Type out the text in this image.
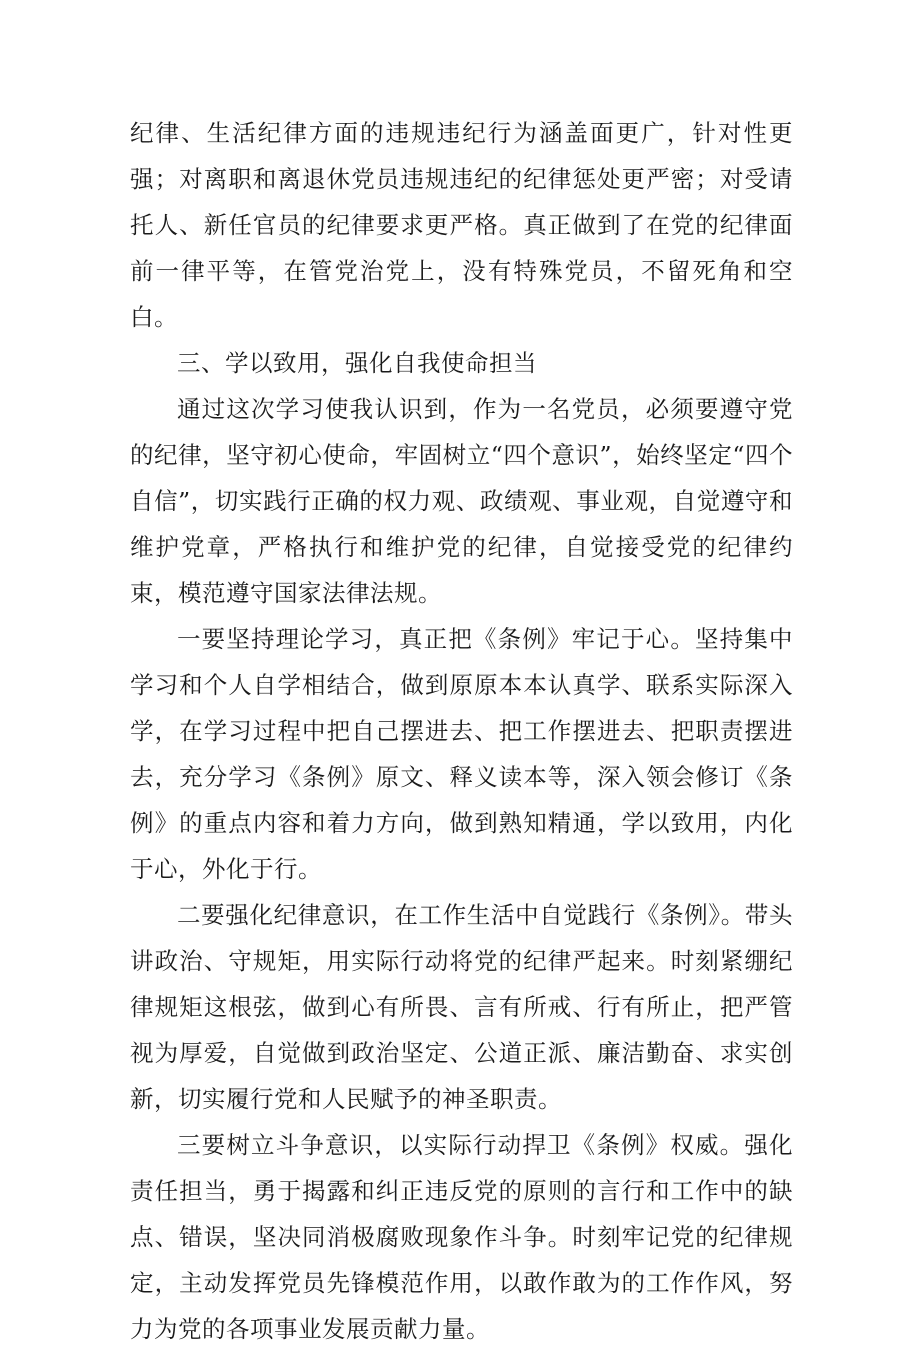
纪律、生活纪律方面的违规违纪行为涵盖面更广，针对性更强；对离职和离退休党员违规违纪的纪律惩处更严密；对受请托人、新任官员的纪律要求更严格。真正做到了在党的纪律面前一律平等，在管党治党上，没有特殊党员，不留死角和空白。

三、学以致用，强化自我使命担当

通过这次学习使我认识到，作为一名党员，必须要遵守党的纪律，坚守初心使命，牢固树立“四个意识”，始终坚定“四个自信”，切实践行正确的权力观、政绩观、事业观，自觉遵守和维护党章，严格执行和维护党的纪律，自觉接受党的纪律约束，模范遵守国家法律法规。

一要坚持理论学习，真正把《条例》牢记于心。坚持集中学习和个人自学相结合，做到原原本本认真学、联系实际深入学，在学习过程中把自己摆进去、把工作摆进去、把职责摆进去，充分学习《条例》原文、释义读本等，深入领会修订《条例》的重点内容和着力方向，做到熟知精通，学以致用，内化于心，外化于行。

二要强化纪律意识，在工作生活中自觉践行《条例》。带头讲政治、守规矩，用实际行动将党的纪律严起来。时刻紧绷纪律规矩这根弦，做到心有所畏、言有所戒、行有所止，把严管视为厚爱，自觉做到政治坚定、公道正派、廉洁勤奋、求实创新，切实履行党和人民赋予的神圣职责。

三要树立斗争意识，以实际行动捍卫《条例》权威。强化责任担当，勇于揭露和纠正违反党的原则的言行和工作中的缺点、错误，坚决同消极腐败现象作斗争。时刻牢记党的纪律规定，主动发挥党员先锋模范作用，以敢作敢为的工作作风，努力为党的各项事业发展贡献力量。
